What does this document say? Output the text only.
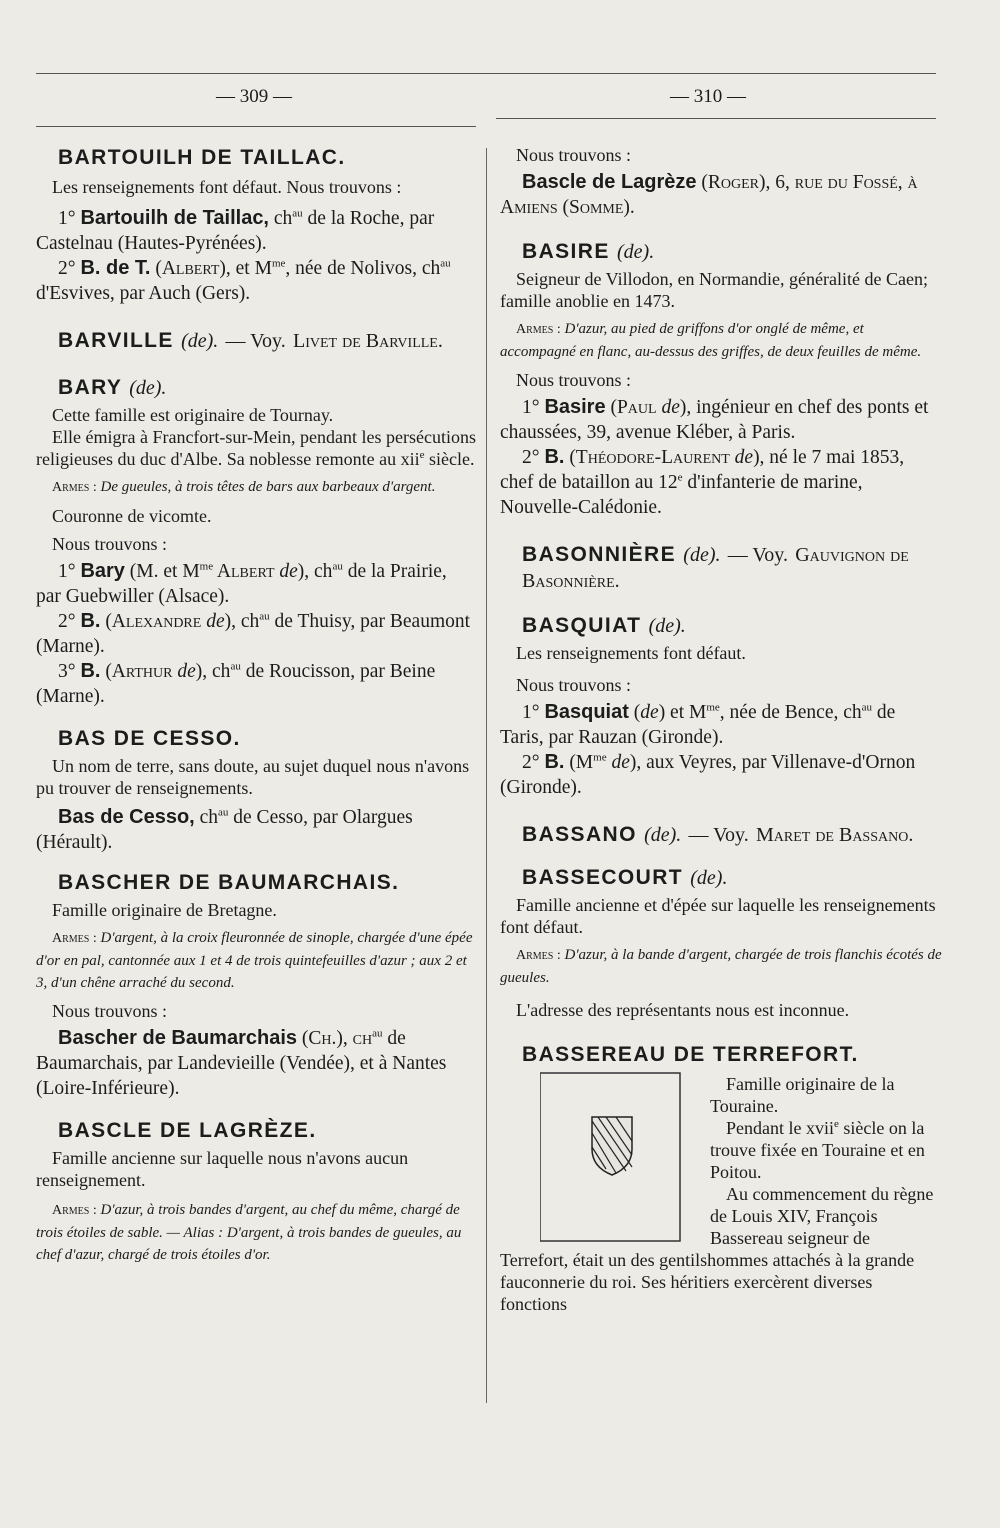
— 309 —	— 310 —
BARTOUILH DE TAILLAC.

Les renseignements font défaut. Nous trouvons :

1° Bartouilh de Taillac, $ch^{au}$ de la Roche, par Castelnau (Hautes-Pyrénées).

2° B. de T. (Albert), et $M^{me}$, née de Nolivos, $ch^{au}$ d'Esvives, par Auch (Gers).

BARVILLE (de). — Voy. Livet de Barville.

BARY (de).

Cette famille est originaire de Tournay.

Elle émigra à Francfort-sur-Mein, pendant les persécutions religieuses du duc d'Albe. Sa noblesse remonte au xii$^e$ siècle.

Armes : De gueules, à trois têtes de bars aux barbeaux d'argent.

Couronne de vicomte.

Nous trouvons :

1° Bary (M. et $M^{me}$ Albert de), $ch^{au}$ de la Prairie, par Guebwiller (Alsace).

2° B. (Alexandre de), $ch^{au}$ de Thuisy, par Beaumont (Marne).

3° B. (Arthur de), $ch^{au}$ de Roucisson, par Beine (Marne).

BAS DE CESSO.

Un nom de terre, sans doute, au sujet duquel nous n'avons pu trouver de renseignements.

Bas de Cesso, $ch^{au}$ de Cesso, par Olargues (Hérault).

BASCHER DE BAUMARCHAIS.

Famille originaire de Bretagne.

Armes : D'argent, à la croix fleuronnée de sinople, chargée d'une épée d'or en pal, cantonnée aux 1 et 4 de trois quintefeuilles d'azur ; aux 2 et 3, d'un chêne arraché du second.

Nous trouvons :

Bascher de Baumarchais (Ch.), $ch^{au}$ de Baumarchais, par Landevieille (Vendée), et à Nantes (Loire-Inférieure).

BASCLE DE LAGRÈZE.

Famille ancienne sur laquelle nous n'avons aucun renseignement.

Armes : D'azur, à trois bandes d'argent, au chef du même, chargé de trois étoiles de sable. — Alias : D'argent, à trois bandes de gueules, au chef d'azur, chargé de trois étoiles d'or.

Nous trouvons :

Bascle de Lagrèze (Roger), 6, rue du Fossé, à Amiens (Somme).

BASIRE (de).

Seigneur de Villodon, en Normandie, généralité de Caen; famille anoblie en 1473.

Armes : D'azur, au pied de griffons d'or onglé de même, et accompagné en flanc, au-dessus des griffes, de deux feuilles de même.

Nous trouvons :

1° Basire (Paul de), ingénieur en chef des ponts et chaussées, 39, avenue Kléber, à Paris.

2° B. (Théodore-Laurent de), né le 7 mai 1853, chef de bataillon au 12e d'infanterie de marine, Nouvelle-Calédonie.

BASONNIÈRE (de). — Voy. Gauvignon de Basonnière.

BASQUIAT (de).

Les renseignements font défaut.

Nous trouvons :

1° Basquiat (de) et $M^{me}$, née de Bence, $ch^{au}$ de Taris, par Rauzan (Gironde).

2° B. ($M^{me}$ de), aux Veyres, par Villenave-d'Ornon (Gironde).

BASSANO (de). — Voy. Maret de Bassano.

BASSECOURT (de).

Famille ancienne et d'épée sur laquelle les renseignements font défaut.

Armes : D'azur, à la bande d'argent, chargée de trois flanchis écotés de gueules.

L'adresse des représentants nous est inconnue.

BASSEREAU DE TERREFORT.

Famille originaire de la Touraine.

Pendant le xvii$^e$ siècle on la trouve fixée en Touraine et en Poitou.

Au commencement du règne de Louis XIV, François Bassereau seigneur de Terrefort, était un des gentilshommes attachés à la grande fauconnerie du roi. Ses héritiers exercèrent diverses fonctions
